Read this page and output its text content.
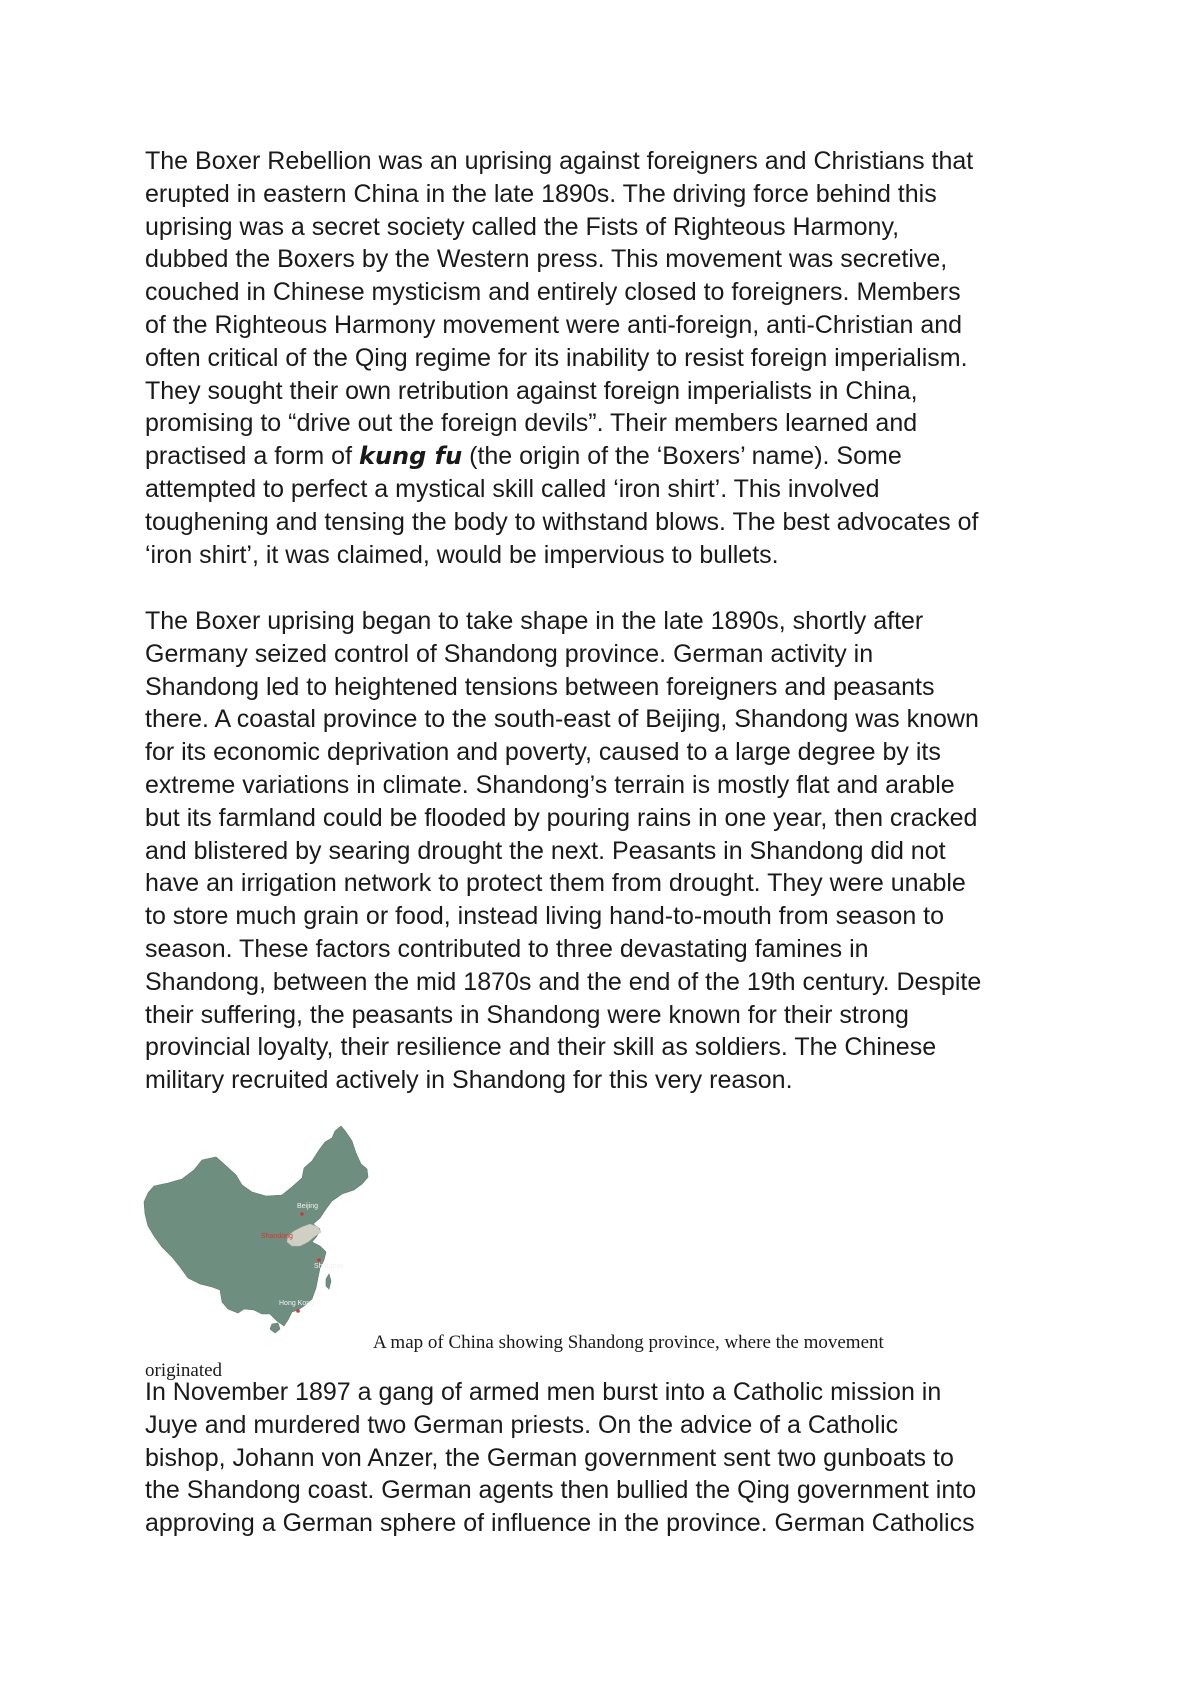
The Boxer Rebellion was an uprising against foreigners and Christians that
erupted in eastern China in the late 1890s. The driving force behind this
uprising was a secret society called the Fists of Righteous Harmony,
dubbed the Boxers by the Western press. This movement was secretive,
couched in Chinese mysticism and entirely closed to foreigners. Members
of the Righteous Harmony movement were anti-foreign, anti-Christian and
often critical of the Qing regime for its inability to resist foreign imperialism.
They sought their own retribution against foreign imperialists in China,
promising to “drive out the foreign devils”. Their members learned and
practised a form of kung fu (the origin of the ‘Boxers’ name). Some
attempted to perfect a mystical skill called ‘iron shirt’. This involved
toughening and tensing the body to withstand blows. The best advocates of
‘iron shirt’, it was claimed, would be impervious to bullets.

The Boxer uprising began to take shape in the late 1890s, shortly after
Germany seized control of Shandong province. German activity in
Shandong led to heightened tensions between foreigners and peasants
there. A coastal province to the south-east of Beijing, Shandong was known
for its economic deprivation and poverty, caused to a large degree by its
extreme variations in climate. Shandong’s terrain is mostly flat and arable
but its farmland could be flooded by pouring rains in one year, then cracked
and blistered by searing drought the next. Peasants in Shandong did not
have an irrigation network to protect them from drought. They were unable
to store much grain or food, instead living hand-to-mouth from season to
season. These factors contributed to three devastating famines in
Shandong, between the mid 1870s and the end of the 19th century. Despite
their suffering, the peasants in Shandong were known for their strong
provincial loyalty, their resilience and their skill as soldiers. The Chinese
military recruited actively in Shandong for this very reason.

Beijing
Shandong
Shanghai
Hong Kong
A map of China showing Shandong province, where the movement
originated

In November 1897 a gang of armed men burst into a Catholic mission in
Juye and murdered two German priests. On the advice of a Catholic
bishop, Johann von Anzer, the German government sent two gunboats to
the Shandong coast. German agents then bullied the Qing government into
approving a German sphere of influence in the province. German Catholics
